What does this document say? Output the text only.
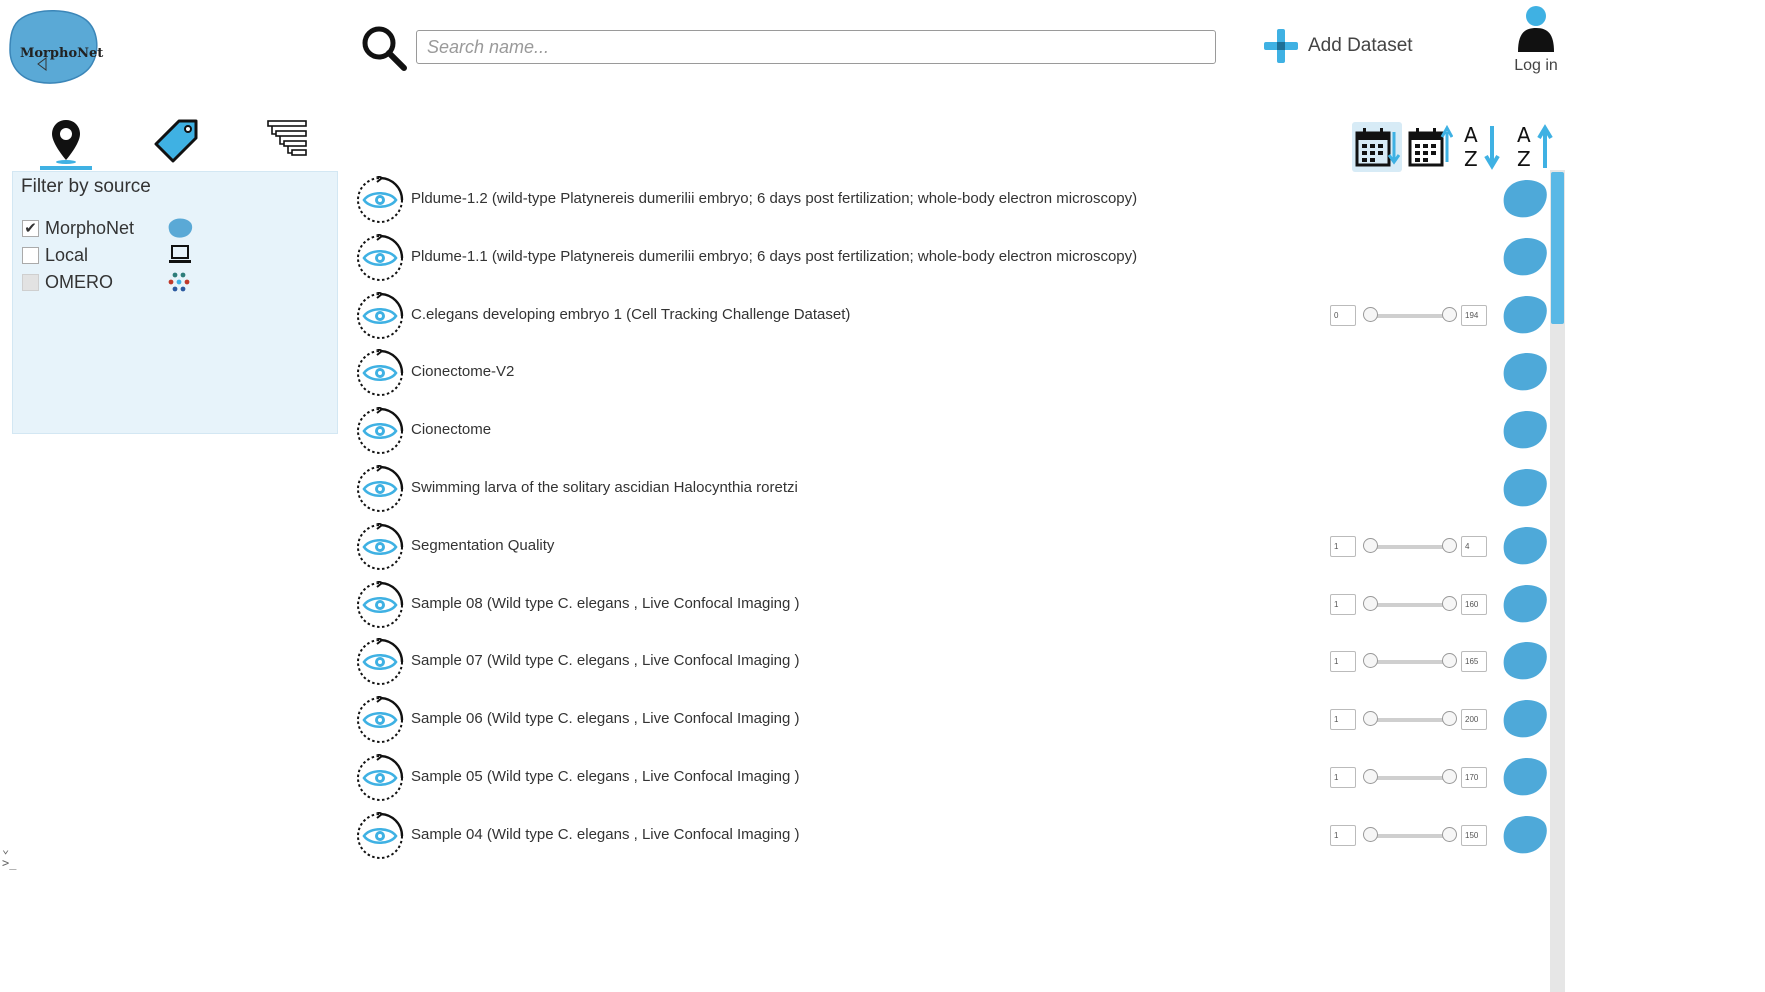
MorphoNet
Search name...	Add Dataset
Log in
Filter by source
✔ MorphoNet
Local
OMERO
A
Z
A
Z
Pldume-1.2 (wild-type Platynereis dumerilii embryo; 6 days post fertilization; whole-body electron microscopy)
Pldume-1.1 (wild-type Platynereis dumerilii embryo; 6 days post fertilization; whole-body electron microscopy)
C.elegans developing embryo 1 (Cell Tracking Challenge Dataset)	0	194
Cionectome-V2
Cionectome
Swimming larva of the solitary ascidian Halocynthia roretzi
Segmentation Quality	1	4
Sample 08 (Wild type C. elegans , Live Confocal Imaging )	1	160
Sample 07 (Wild type C. elegans , Live Confocal Imaging )	1	165
Sample 06 (Wild type C. elegans , Live Confocal Imaging )	1	200
Sample 05 (Wild type C. elegans , Live Confocal Imaging )	1	170
Sample 04 (Wild type C. elegans , Live Confocal Imaging )	1	150
⌄
>_
